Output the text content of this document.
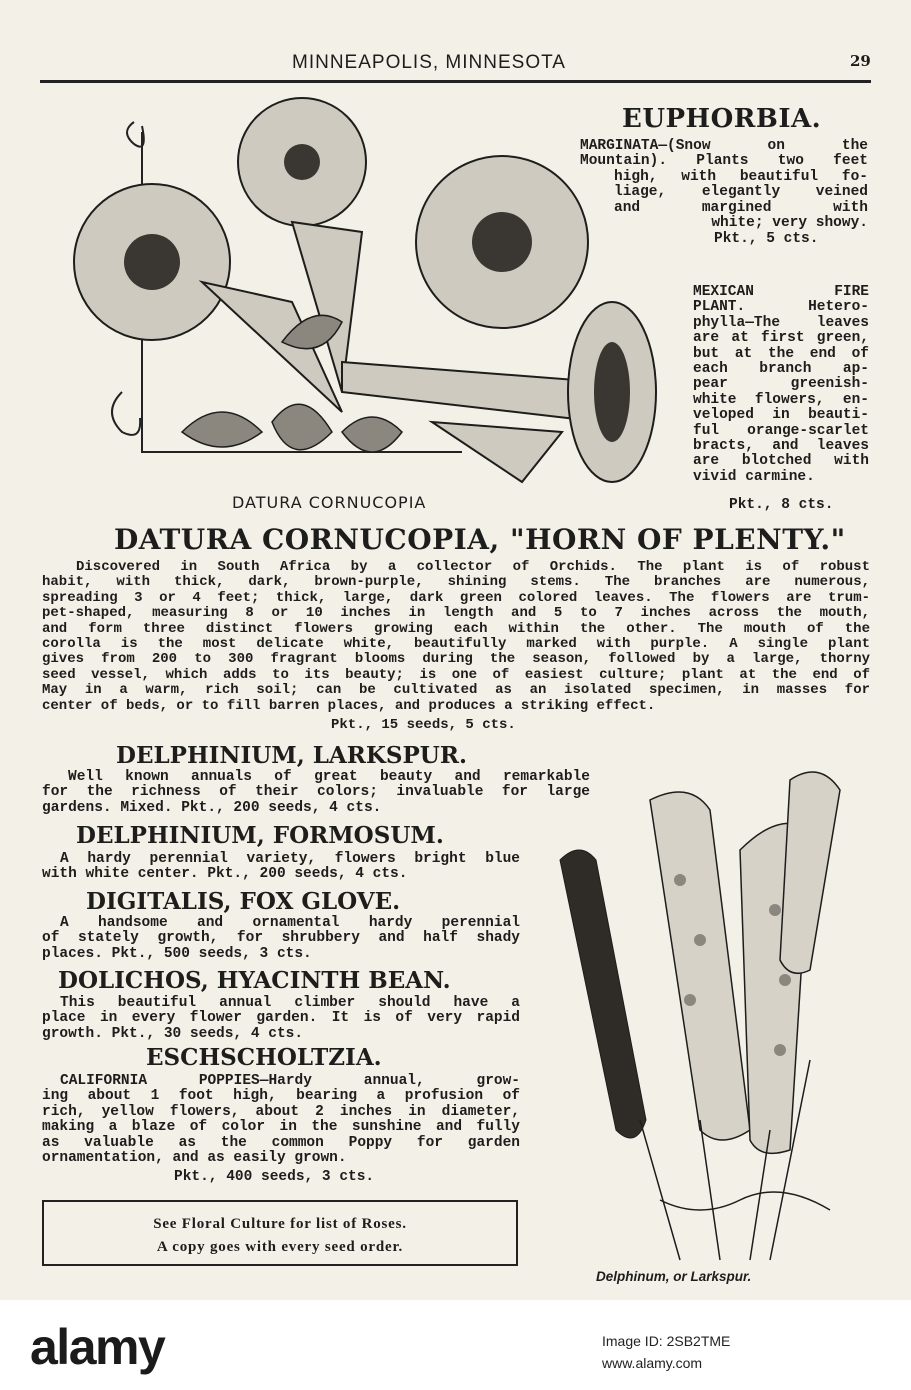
MINNEAPOLIS, MINNESOTA	29
DATURA CORNUCOPIA
EUPHORBIA.
MARGINATA—(Snow on the
Mountain). Plants two feet
high, with beautiful fo-
liage, elegantly veined
and margined with
white; very showy.
Pkt., 5 cts.
MEXICAN FIRE
PLANT. Hetero-
phylla—The leaves
are at first green,
but at the end of
each branch ap-
pear greenish-
white flowers, en-
veloped in beauti-
ful orange-scarlet
bracts, and leaves
are blotched with
vivid carmine.
Pkt., 8 cts.
DATURA CORNUCOPIA, "HORN OF PLENTY."
Discovered in South Africa by a collector of Orchids. The plant is of robust
habit, with thick, dark, brown-purple, shining stems. The branches are numerous,
spreading 3 or 4 feet; thick, large, dark green colored leaves. The flowers are trum-
pet-shaped, measuring 8 or 10 inches in length and 5 to 7 inches across the mouth,
and form three distinct flowers growing each within the other. The mouth of the
corolla is the most delicate white, beautifully marked with purple. A single plant
gives from 200 to 300 fragrant blooms during the season, followed by a large, thorny
seed vessel, which adds to its beauty; is one of easiest culture; plant at the end of
May in a warm, rich soil; can be cultivated as an isolated specimen, in masses for
center of beds, or to fill barren places, and produces a striking effect.
Pkt., 15 seeds, 5 cts.
DELPHINIUM, LARKSPUR.
Well known annuals of great beauty and remarkable
for the richness of their colors; invaluable for large
gardens. Mixed. Pkt., 200 seeds, 4 cts.
DELPHINIUM, FORMOSUM.
A hardy perennial variety, flowers bright blue
with white center. Pkt., 200 seeds, 4 cts.
DIGITALIS, FOX GLOVE.
A handsome and ornamental hardy perennial
of stately growth, for shrubbery and half shady
places. Pkt., 500 seeds, 3 cts.
DOLICHOS, HYACINTH BEAN.
This beautiful annual climber should have a
place in every flower garden. It is of very rapid
growth. Pkt., 30 seeds, 4 cts.
ESCHSCHOLTZIA.
CALIFORNIA POPPIES—Hardy annual, grow-
ing about 1 foot high, bearing a profusion of
rich, yellow flowers, about 2 inches in diameter,
making a blaze of color in the sunshine and fully
as valuable as the common Poppy for garden
ornamentation, and as easily grown.
Pkt., 400 seeds, 3 cts.
See Floral Culture for list of Roses.
A copy goes with every seed order.
Delphinum, or Larkspur.
alamy	Image ID: 2SB2TME
www.alamy.com
